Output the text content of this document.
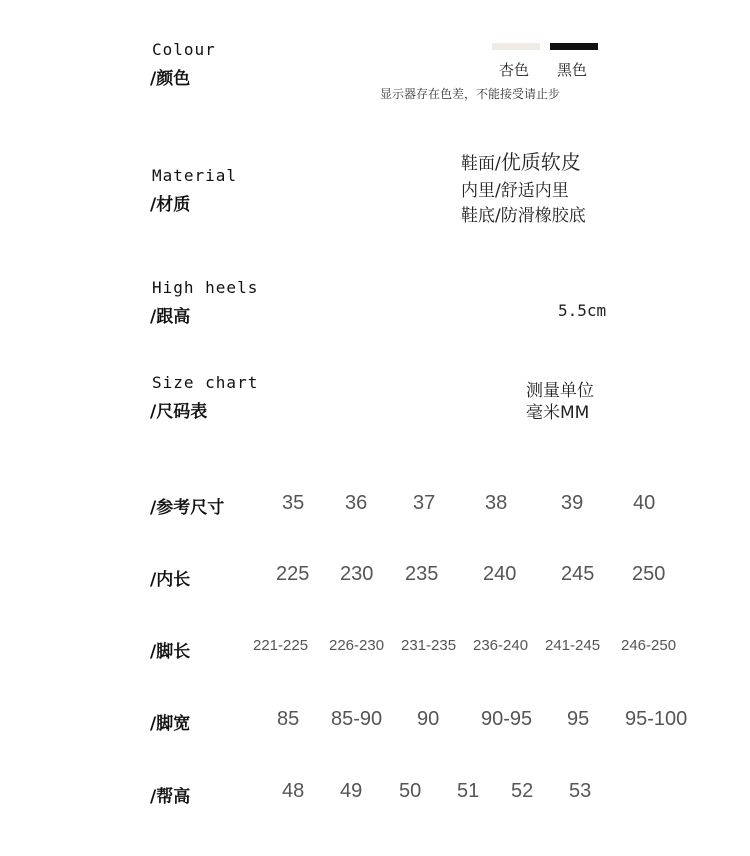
Colour
/颜色	杏色 黑色
显示器存在色差，不能接受请止步
Material
/材质
鞋面/优质软皮
内里/舒适内里
鞋底/防滑橡胶底
High heels
/跟高	5.5cm
Size chart
/尺码表
测量单位
毫米MM
/参考尺寸	35 36 37 38	39 40
/内长	225 230 235 240 245 250
/脚长	221-225 226-230 231-235 236-240 241-245 246-250
/脚宽	85 85-90 90 90-95 95 95-100
/帮高	48 49 50 51 52 53
